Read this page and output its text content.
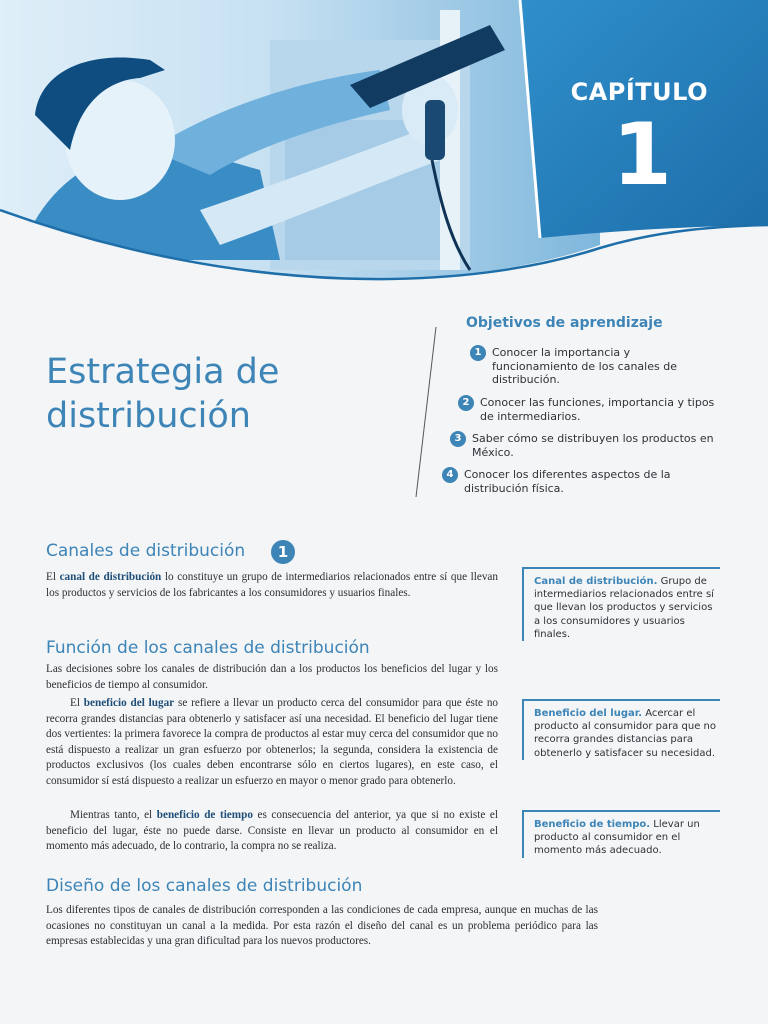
CAPÍTULO
1
Estrategia de
distribución
Objetivos de aprendizaje
1 Conocer la importancia y funcionamiento de los canales de distribución.
2 Conocer las funciones, importancia y tipos de intermediarios.
3 Saber cómo se distribuyen los productos en México.
4 Conocer los diferentes aspectos de la distribución física.
Canales de distribución	1
El canal de distribución lo constituye un grupo de intermediarios relacionados entre sí que llevan los productos y servicios de los fabricantes a los consumidores y usuarios finales.
Función de los canales de distribución
Las decisiones sobre los canales de distribución dan a los productos los beneficios del lugar y los beneficios de tiempo al consumidor.
El beneficio del lugar se refiere a llevar un producto cerca del consumidor para que éste no recorra grandes distancias para obtenerlo y satisfacer así una necesidad. El beneficio del lugar tiene dos vertientes: la primera favorece la compra de productos al estar muy cerca del consumidor que no está dispuesto a realizar un gran esfuerzo por obtenerlos; la segunda, considera la existencia de productos exclusivos (los cuales deben encontrarse sólo en ciertos lugares), en este caso, el consumidor sí está dispuesto a realizar un esfuerzo en mayor o menor grado para obtenerlo.
Mientras tanto, el beneficio de tiempo es consecuencia del anterior, ya que si no existe el beneficio del lugar, éste no puede darse. Consiste en llevar un producto al consumidor en el momento más adecuado, de lo contrario, la compra no se realiza.
Diseño de los canales de distribución
Los diferentes tipos de canales de distribución corresponden a las condiciones de cada empresa, aunque en muchas de las ocasiones no constituyan un canal a la medida. Por esta razón el diseño del canal es un problema periódico para las empresas establecidas y una gran dificultad para los nuevos productores.
Canal de distribución. Grupo de intermediarios relacionados entre sí que llevan los productos y servicios a los consumidores y usuarios finales.
Beneficio del lugar. Acercar el producto al consumidor para que no recorra grandes distancias para obtenerlo y satisfacer su necesidad.
Beneficio de tiempo. Llevar un producto al consumidor en el momento más adecuado.
